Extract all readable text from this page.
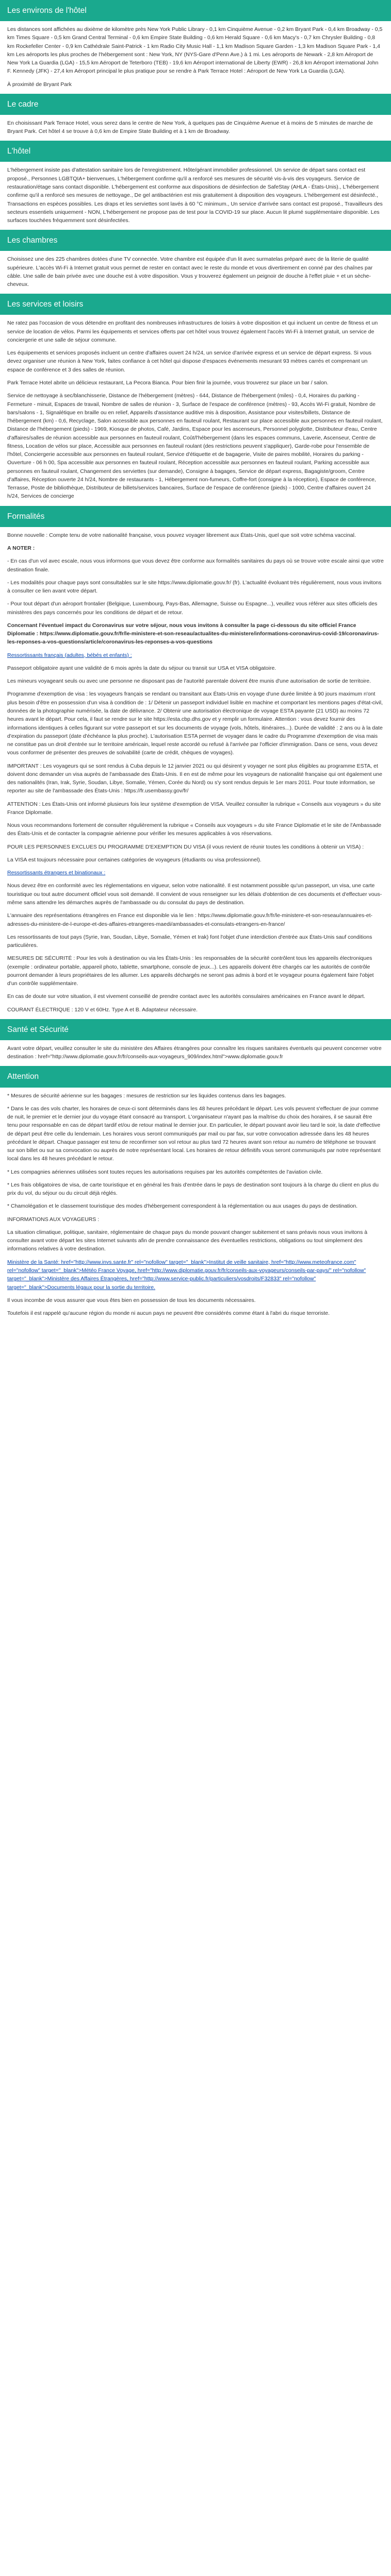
Les environs de l'hôtel

Les distances sont affichées au dixième de kilomètre près New York Public Library - 0,1 km Cinquième Avenue - 0,2 km Bryant Park - 0,4 km Broadway - 0,5 km Times Square - 0,5 km Grand Central Terminal - 0,6 km Empire State Building - 0,6 km Herald Square - 0,6 km Macy's - 0,7 km Chrysler Building - 0,8 km Rockefeller Center - 0,9 km Cathédrale Saint-Patrick - 1 km Radio City Music Hall - 1,1 km Madison Square Garden - 1,3 km Madison Square Park - 1,4 km Les aéroports les plus proches de l'hébergement sont : New York, NY (NYS-Gare d'Penn Ave.) à 1 mi. Les aéroports de Newark - 2,8 km Aéroport de New York La Guardia (LGA) - 15,5 km Aéroport de Teterboro (TEB) - 19,6 km Aéroport international de Liberty (EWR) - 26,8 km Aéroport international John F. Kennedy (JFK) - 27,4 km Aéroport principal le plus pratique pour se rendre à Park Terrace Hotel : Aéroport de New York La Guardia (LGA).

À proximité de Bryant Park

Le cadre

En choisissant Park Terrace Hotel, vous serez dans le centre de New York, à quelques pas de Cinquième Avenue et à moins de 5 minutes de marche de Bryant Park. Cet hôtel 4 se trouve à 0,6 km de Empire State Building et à 1 km de Broadway.

L'hôtel

L'hébergement insiste pas d'attestation sanitaire lors de l'enregistrement. Hôte/gérant immobilier professionnel. Un service de départ sans contact est proposé., Personnes LGBTQIA+ bienvenues, L'hébergement confirme qu'il a renforcé ses mesures de sécurité vis-à-vis des voyageurs. Service de restauration/étage sans contact disponible. L'hébergement est conforme aux dispositions de désinfection de SafeStay (AHLA - États-Unis)., L'hébergement confirme qu'il a renforcé ses mesures de nettoyage., De gel antibactérien est mis gratuitement à disposition des voyageurs. L'hébergement est désinfecté., Transactions en espèces possibles. Les draps et les serviettes sont lavés à 60 °C minimum., Un service d'arrivée sans contact est proposé., Travailleurs des secteurs essentiels uniquement - NON, L'hébergement ne propose pas de test pour la COVID-19 sur place. Aucun lit plumé supplémentaire disponible. Les surfaces touchées fréquemment sont désinfectées.

Les chambres

Choisissez une des 225 chambres dotées d'une TV connectée. Votre chambre est équipée d'un lit avec surmatelas préparé avec de la literie de qualité supérieure. L'accès Wi-Fi à Internet gratuit vous permet de rester en contact avec le reste du monde et vous divertirement en conné par des chaînes par câble. Une salle de bain privée avec une douche est à votre disposition. Vous y trouverez également un peignoir de douche à l'effet pluie + et un sèche-cheveux.

Les services et loisirs

Ne ratez pas l'occasion de vous détendre en profitant des nombreuses infrastructures de loisirs à votre disposition et qui incluent un centre de fitness et un service de location de vélos. Parmi les équipements et services offerts par cet hôtel vous trouvez également l'accès Wi-Fi à Internet gratuit, un service de conciergerie et une salle de séjour commune.

Les équipements et services proposés incluent un centre d'affaires ouvert 24 h/24, un service d'arrivée express et un service de départ express. Si vous devez organiser une réunion à New York, faites confiance à cet hôtel qui dispose d'espaces événements mesurant 93 mètres carrés et comprenant un espace de conférence et 3 des salles de réunion.

Park Terrace Hotel abrite un délicieux restaurant, La Pecora Bianca. Pour bien finir la journée, vous trouverez sur place un bar / salon.

Service de nettoyage à sec/blanchisserie, Distance de l'hébergement (mètres) - 644, Distance de l'hébergement (miles) - 0,4, Horaires du parking - Fermeture - minuit, Espaces de travail, Nombre de salles de réunion - 3, Surface de l'espace de conférence (mètres) - 93, Accès Wi-Fi gratuit, Nombre de bars/salons - 1, Signalétique en braille ou en relief, Appareils d'assistance auditive mis à disposition, Assistance pour visites/billets, Distance de l'hébergement (km) - 0,6, Recyclage, Salon accessible aux personnes en fauteuil roulant, Restaurant sur place accessible aux personnes en fauteuil roulant, Distance de l'hébergement (pieds) - 1969, Kiosque de photos, Café, Jardins, Espace pour les ascenseurs, Personnel polyglotte, Distributeur d'eau, Centre d'affaires/salles de réunion accessible aux personnes en fauteuil roulant, Coût/l'hébergement (dans les espaces communs, Laverie, Ascenseur, Centre de fitness, Location de vélos sur place, Accessible aux personnes en fauteuil roulant (des restrictions peuvent s'appliquer), Garde-robe pour l'ensemble de l'hôtel, Conciergerie accessible aux personnes en fauteuil roulant, Service d'étiquette et de bagagerie, Visite de paires mobilité, Horaires du parking - Ouverture - 06 h 00, Spa accessible aux personnes en fauteuil roulant, Réception accessible aux personnes en fauteuil roulant, Parking accessible aux personnes en fauteuil roulant, Changement des serviettes (sur demande), Consigne à bagages, Service de départ express, Bagagiste/groom, Centre d'affaires, Réception ouverte 24 h/24, Nombre de restaurants - 1, Hébergement non-fumeurs, Coffre-fort (consigne à la réception), Espace de conférence, Terrasse, Poste de bibliothèque, Distributeur de billets/services bancaires, Surface de l'espace de conférence (pieds) - 1000, Centre d'affaires ouvert 24 h/24, Services de concierge

Formalités

Bonne nouvelle : Compte tenu de votre nationalité française, vous pouvez voyager librement aux États-Unis, quel que soit votre schéma vaccinal.

A NOTER :

- En cas d'un vol avec escale, nous vous informons que vous devez être conforme aux formalités sanitaires du pays où se trouve votre escale ainsi que votre destination finale.

- Les modalités pour chaque pays sont consultables sur le site https://www.diplomatie.gouv.fr/ (fr). L'actualité évoluant très régulièrement, nous vous invitons à consulter ce lien avant votre départ.

- Pour tout départ d'un aéroport frontalier (Belgique, Luxembourg, Pays-Bas, Allemagne, Suisse ou Espagne...), veuillez vous référer aux sites officiels des ministères des pays concernés pour les conditions de départ et de retour.

Concernant l'éventuel impact du Coronavirus sur votre séjour, nous vous invitons à consulter la page ci-dessous du site officiel France Diplomatie : https://www.diplomatie.gouv.fr/fr/le-ministere-et-son-reseau/actualites-du-ministere/informations-coronavirus-covid-19/coronavirus-les-reponses-a-vos-questions/article/coronavirus-les-reponses-a-vos-questions

Ressortissants français (adultes, bébés et enfants) :

Passeport obligatoire ayant une validité de 6 mois après la date du séjour ou transit sur USA et VISA obligatoire.

Les mineurs voyageant seuls ou avec une personne ne disposant pas de l'autorité parentale doivent être munis d'une autorisation de sortie de territoire.

Programme d'exemption de visa : les voyageurs français se rendant ou transitant aux États-Unis en voyage d'une durée limitée à 90 jours maximum n'ont plus besoin d'être en possession d'un visa à condition de : 1/ Détenir un passeport individuel lisible en machine et comportant les mentions pages d'état-civil, données de la photographie numérisée, la date de délivrance. 2/ Obtenir une autorisation électronique de voyage ESTA payante (21 USD) au moins 72 heures avant le départ. Pour cela, il faut se rendre sur le site https://esta.cbp.dhs.gov et y remplir un formulaire. Attention : vous devez fournir des informations identiques à celles figurant sur votre passeport et sur les documents de voyage (vols, hôtels, itinéraires...). Durée de validité : 2 ans ou à la date d'expiration du passeport (date d'échéance la plus proche). L'autorisation ESTA permet de voyager dans le cadre du Programme d'exemption de visa mais ne constitue pas un droit d'entrée sur le territoire américain, lequel reste accordé ou refusé à l'arrivée par l'officier d'immigration. Dans ce sens, vous devez vous conformer de présenter des preuves de solvabilité (carte de crédit, chèques de voyages).

IMPORTANT : Les voyageurs qui se sont rendus à Cuba depuis le 12 janvier 2021 ou qui désirent y voyager ne sont plus éligibles au programme ESTA, et doivent donc demander un visa auprès de l'ambassade des États-Unis. Il en est de même pour les voyageurs de nationalité française qui ont également une des nationalités (Iran, Irak, Syrie, Soudan, Libye, Somalie, Yémen, Corée du Nord) ou s'y sont rendus depuis le 1er mars 2011. Pour toute information, se reporter au site de l'ambassade des États-Unis : https://fr.usembassy.gov/fr/

ATTENTION : Les États-Unis ont informé plusieurs fois leur système d'exemption de VISA. Veuillez consulter la rubrique « Conseils aux voyageurs » du site France Diplomatie.

Nous vous recommandons fortement de consulter régulièrement la rubrique « Conseils aux voyageurs » du site France Diplomatie et le site de l'Ambassade des États-Unis et de contacter la compagnie aérienne pour vérifier les mesures applicables à vos réservations.

POUR LES PERSONNES EXCLUES DU PROGRAMME D'EXEMPTION DU VISA (il vous revient de réunir toutes les conditions à obtenir un VISA) :

La VISA est toujours nécessaire pour certaines catégories de voyageurs (étudiants ou visa professionnel).

Ressortissants étrangers et binationaux :

Nous devez être en conformité avec les réglementations en vigueur, selon votre nationalité. Il est notamment possible qu'un passeport, un visa, une carte touristique ou tout autre document officiel vous soit demandé. Il convient de vous renseigner sur les délais d'obtention de ces documents et d'effectuer vous-même sans attendre les démarches auprès de l'ambassade ou du consulat du pays de destination.

L'annuaire des représentations étrangères en France est disponible via le lien : https://www.diplomatie.gouv.fr/fr/le-ministere-et-son-reseau/annuaires-et-adresses-du-ministere-de-l-europe-et-des-affaires-etrangeres-maedi/ambassades-et-consulats-etrangers-en-france/

Les ressortissants de tout pays (Syrie, Iran, Soudan, Libye, Somalie, Yémen et Irak) font l'objet d'une interdiction d'entrée aux États-Unis sauf conditions particulières.

MESURES DE SÉCURITÉ : Pour les vols à destination ou via les États-Unis : les responsables de la sécurité contrôlent tous les appareils électroniques (exemple : ordinateur portable, appareil photo, tablette, smartphone, console de jeux...). Les appareils doivent être chargés car les autorités de contrôle pourront demander à leurs propriétaires de les allumer. Les appareils déchargés ne seront pas admis à bord et le voyageur pourra également faire l'objet d'un contrôle supplémentaire.

En cas de doute sur votre situation, il est vivement conseillé de prendre contact avec les autorités consulaires américaines en France avant le départ.

COURANT ÉLECTRIQUE : 120 V et 60Hz. Type A et B. Adaptateur nécessaire.

Santé et Sécurité

Avant votre départ, veuillez consulter le site du ministère des Affaires étrangères pour connaître les risques sanitaires éventuels qui peuvent concerner votre destination : href="http://www.diplomatie.gouv.fr/fr/conseils-aux-voyageurs_909/index.html">www.diplomatie.gouv.fr

Attention

* Mesures de sécurité aérienne sur les bagages : mesures de restriction sur les liquides contenus dans les bagages.

* Dans le cas des vols charter, les horaires de ceux-ci sont déterminés dans les 48 heures précédant le départ. Les vols peuvent s'effectuer de jour comme de nuit, le premier et le dernier jour du voyage étant consacré au transport. L'organisateur n'ayant pas la maîtrise du choix des horaires, il se saurait être tenu pour responsable en cas de départ tardif et/ou de retour matinal le dernier jour. En particulier, le départ pouvant avoir lieu tard le soir, la date d'effective de départ peut être celle du lendemain. Les horaires vous seront communiqués par mail ou par fax, sur votre convocation adressée dans les 48 heures précédant le départ. Chaque passager est tenu de reconfirmer son vol retour au plus tard 72 heures avant son retour au numéro de téléphone se trouvant sur son billet ou sur sa convocation ou auprès de notre représentant local. Les horaires de retour définitifs vous seront communiqués par notre représentant local dans les 48 heures précédant le retour.

* Les compagnies aériennes utilisées sont toutes reçues les autorisations requises par les autorités compétentes de l'aviation civile.

* Les frais obligatoires de visa, de carte touristique et en général les frais d'entrée dans le pays de destination sont toujours à la charge du client en plus du prix du vol, du séjour ou du circuit déjà réglés.

* Chamolégation et le classement touristique des modes d'hébergement correspondent à la réglementation ou aux usages du pays de destination.

INFORMATIONS AUX VOYAGEURS :

La situation climatique, politique, sanitaire, réglementaire de chaque pays du monde pouvant changer subitement et sans préavis nous vous invitons à consulter avant votre départ les sites Internet suivants afin de prendre connaissance des éventuelles restrictions, obligations ou tout simplement des informations relatives à votre destination.

Ministère de la Santé: href="http://www.invs.sante.fr" rel="nofollow" target="_blank">Institut de veille sanitaire, href="http://www.meteofrance.com" rel="nofollow" target="_blank">Météo France Voyage, href="http://www.diplomatie.gouv.fr/fr/conseils-aux-voyageurs/conseils-par-pays/" rel="nofollow" target="_blank">Ministère des Affaires Étrangères, href="http://www.service-public.fr/particuliers/vosdroits/F32833" rel="nofollow" target="_blank">Documents légaux pour la sortie du territoire.

Il vous incombe de vous assurer que vous êtes bien en possession de tous les documents nécessaires.

Toutefois il est rappelé qu'aucune région du monde ni aucun pays ne peuvent être considérés comme étant à l'abri du risque terroriste.
